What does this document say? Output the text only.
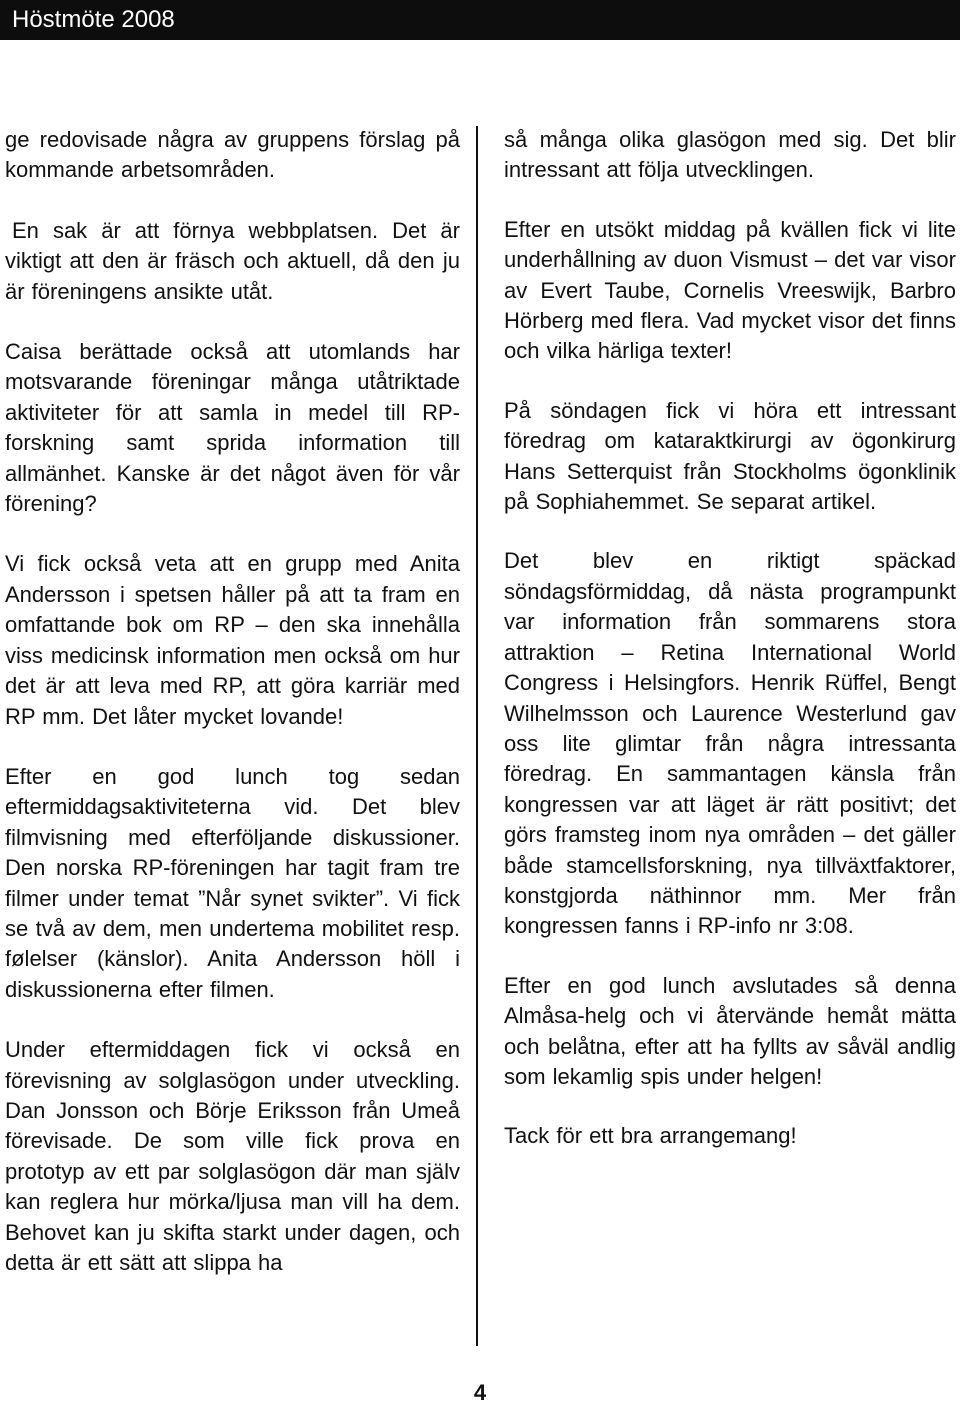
Höstmöte 2008

ge redovisade några av gruppens förslag på kommande arbetsområden.

En sak är att förnya webbplatsen. Det är viktigt att den är fräsch och aktuell, då den ju är föreningens ansikte utåt.

Caisa berättade också att utomlands har motsvarande föreningar många utåtriktade aktiviteter för att samla in medel till RP-forskning samt sprida information till allmänhet. Kanske är det något även för vår förening?

Vi fick också veta att en grupp med Anita Andersson i spetsen håller på att ta fram en omfattande bok om RP – den ska innehålla viss medicinsk information men också om hur det är att leva med RP, att göra karriär med RP mm. Det låter mycket lovande!

Efter en god lunch tog sedan eftermiddagsaktiviteterna vid. Det blev filmvisning med efterföljande diskussioner. Den norska RP-föreningen har tagit fram tre filmer under temat ”Når synet svikter”. Vi fick se två av dem, men undertema mobilitet resp. følelser (känslor). Anita Andersson höll i diskussionerna efter filmen.

Under eftermiddagen fick vi också en förevisning av solglasögon under utveckling. Dan Jonsson och Börje Eriksson från Umeå förevisade. De som ville fick prova en prototyp av ett par solglasögon där man själv kan reglera hur mörka/ljusa man vill ha dem. Behovet kan ju skifta starkt under dagen, och detta är ett sätt att slippa ha

så många olika glasögon med sig. Det blir intressant att följa utvecklingen.

Efter en utsökt middag på kvällen fick vi lite underhållning av duon Vismust – det var visor av Evert Taube, Cornelis Vreeswijk, Barbro Hörberg med flera. Vad mycket visor det finns och vilka härliga texter!

På söndagen fick vi höra ett intressant föredrag om kataraktkirurgi av ögonkirurg Hans Setterquist från Stockholms ögonklinik på Sophiahemmet. Se separat artikel.

Det blev en riktigt späckad söndagsförmiddag, då nästa programpunkt var information från sommarens stora attraktion – Retina International World Congress i Helsingfors. Henrik Rüffel, Bengt Wilhelmsson och Laurence Westerlund gav oss lite glimtar från några intressanta föredrag. En sammantagen känsla från kongressen var att läget är rätt positivt; det görs framsteg inom nya områden – det gäller både stamcellsforskning, nya tillväxtfaktorer, konstgjorda näthinnor mm. Mer från kongressen fanns i RP-info nr 3:08.

Efter en god lunch avslutades så denna Almåsa-helg och vi återvände hemåt mätta och belåtna, efter att ha fyllts av såväl andlig som lekamlig spis under helgen!

Tack för ett bra arrangemang!

4
